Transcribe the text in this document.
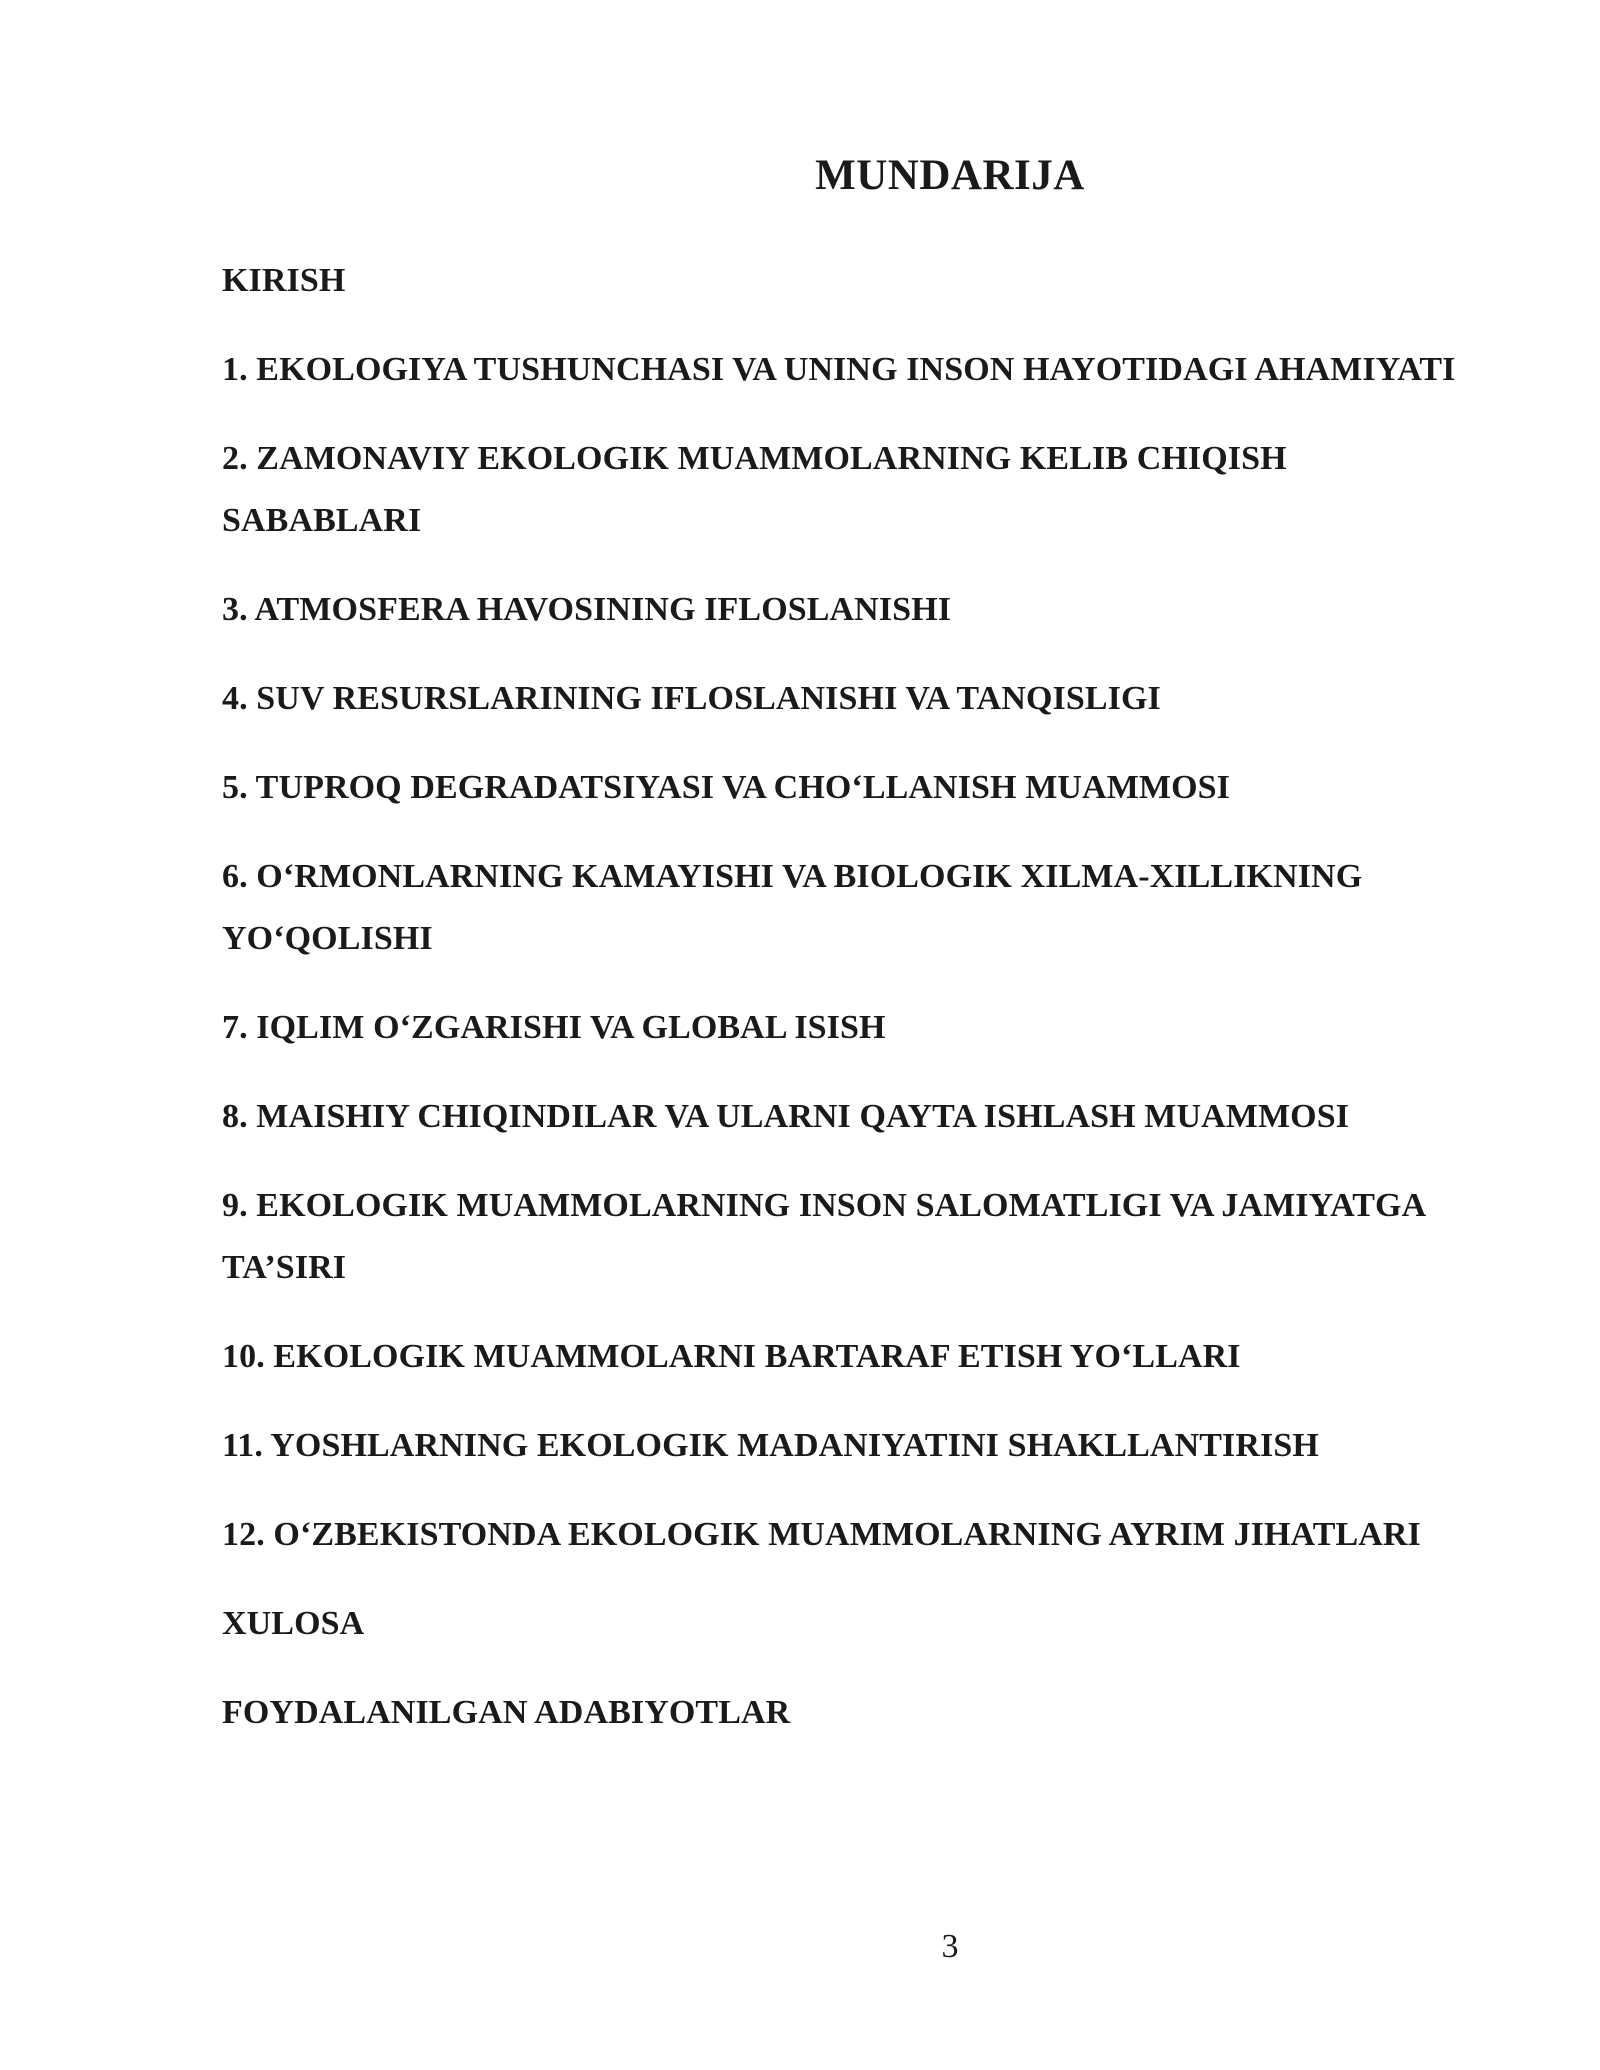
MUNDARIJA
KIRISH
1. EKOLOGIYA TUSHUNCHASI VA UNING INSON HAYOTIDAGI AHAMIYATI
2. ZAMONAVIY EKOLOGIK MUAMMOLARNING KELIB CHIQISH SABABLARI
3. ATMOSFERA HAVOSINING IFLOSLANISHI
4. SUV RESURSLARINING IFLOSLANISHI VA TANQISLIGI
5. TUPROQ DEGRADATSIYASI VA CHOʻLLANISH MUAMMOSI
6. OʻRMONLARNING KAMAYISHI VA BIOLOGIK XILMA-XILLIKNING YOʻQOLISHI
7. IQLIM OʻZGARISHI VA GLOBAL ISISH
8. MAISHIY CHIQINDILAR VA ULARNI QAYTA ISHLASH MUAMMOSI
9. EKOLOGIK MUAMMOLARNING INSON SALOMATLIGI VA JAMIYATGA TA’SIRI
10. EKOLOGIK MUAMMOLARNI BARTARAF ETISH YOʻLLARI
11. YOSHLARNING EKOLOGIK MADANIYATINI SHAKLLANTIRISH
12. OʻZBEKISTONDA EKOLOGIK MUAMMOLARNING AYRIM JIHATLARI
XULOSA
FOYDALANILGAN ADABIYOTLAR
3
